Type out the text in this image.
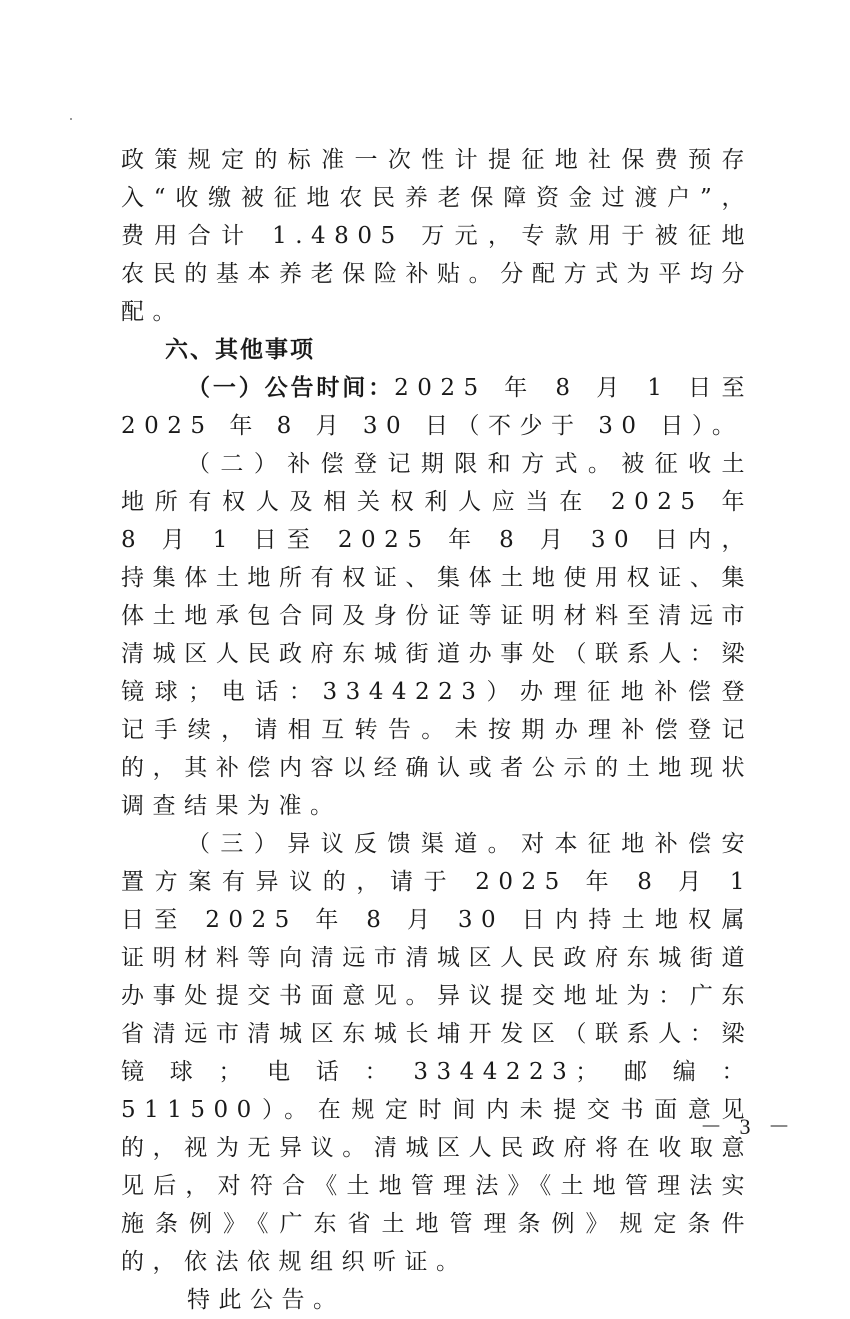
政策规定的标准一次性计提征地社保费预存入“收缴被征地农民养老保障资金过渡户”，费用合计 1.4805 万元，专款用于被征地农民的基本养老保险补贴。分配方式为平均分配。

六、其他事项

（一）公告时间：2025 年 8 月 1 日至 2025 年 8 月 30 日（不少于 30 日）。

（二）补偿登记期限和方式。被征收土地所有权人及相关权利人应当在 2025 年 8 月 1 日至 2025 年 8 月 30 日内，持集体土地所有权证、集体土地使用权证、集体土地承包合同及身份证等证明材料至清远市清城区人民政府东城街道办事处（联系人：梁镜球；电话：3344223）办理征地补偿登记手续，请相互转告。未按期办理补偿登记的，其补偿内容以经确认或者公示的土地现状调查结果为准。

（三）异议反馈渠道。对本征地补偿安置方案有异议的，请于 2025 年 8 月 1 日至 2025 年 8 月 30 日内持土地权属证明材料等向清远市清城区人民政府东城街道办事处提交书面意见。异议提交地址为：广东省清远市清城区东城长埔开发区（联系人：梁镜球；电话：3344223；邮编：511500）。在规定时间内未提交书面意见的，视为无异议。清城区人民政府将在收取意见后，对符合《土地管理法》《土地管理法实施条例》《广东省土地管理条例》规定条件的，依法依规组织听证。

特此公告。

－ 3 －
